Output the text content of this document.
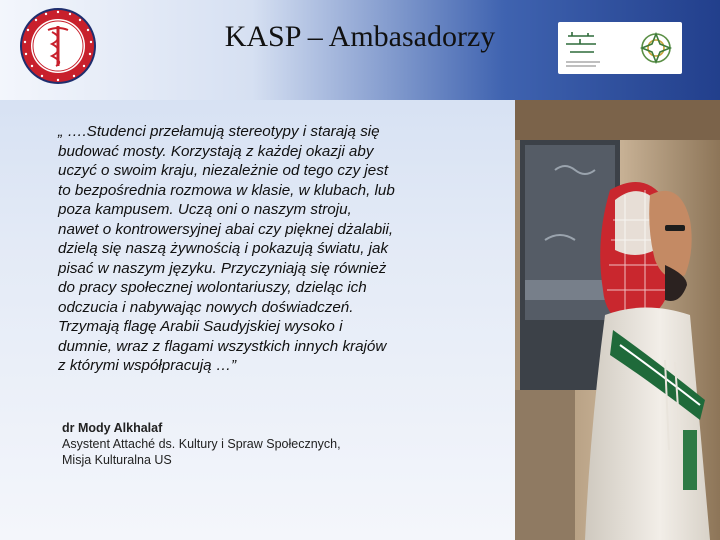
KASP – Ambasadorzy
„ ….Studenci przełamują stereotypy i starają się
budować mosty. Korzystają z każdej okazji aby
uczyć o swoim kraju, niezależnie od tego czy jest
to bezpośrednia rozmowa w klasie, w klubach, lub
poza kampusem. Uczą oni o naszym stroju,
nawet o kontrowersyjnej abai czy pięknej dżalabii,
dzielą się naszą żywnością i pokazują światu, jak
pisać w naszym języku. Przyczyniają się również
do pracy społecznej wolontariuszy, dzieląc ich
odczucia i nabywając nowych doświadczeń.
Trzymają flagę Arabii Saudyjskiej wysoko i
dumnie, wraz z flagami wszystkich innych krajów
z którymi współpracują …”
dr Mody Alkhalaf
Asystent Attaché ds. Kultury i Spraw Społecznych,
Misja Kulturalna US
